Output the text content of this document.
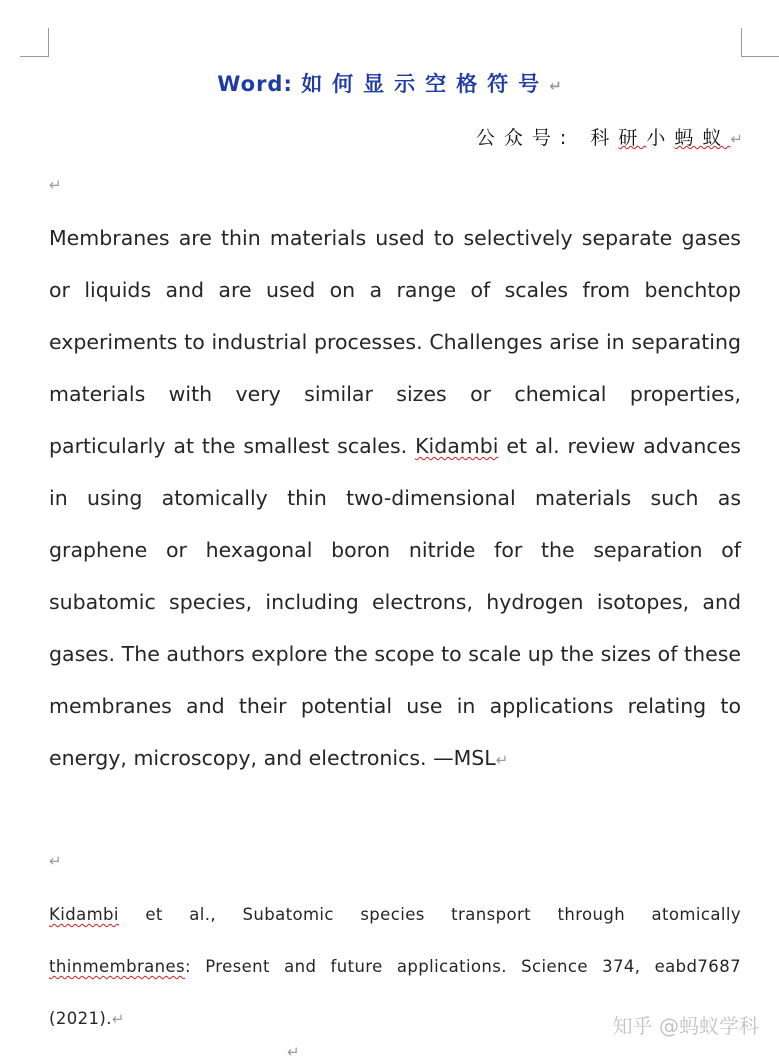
Word: 如何显示空格符号↵
公众号: 科研小蚂蚁↵
↵

Membranes are thin materials used to selectively separate gases or liquids and are used on a range of scales from benchtop experiments to industrial processes. Challenges arise in separating materials with very similar sizes or chemical properties, particularly at the smallest scales. Kidambi et al. review advances in using atomically thin two-dimensional materials such as graphene or hexagonal boron nitride for the separation of subatomic species, including electrons, hydrogen isotopes, and gases. The authors explore the scope to scale up the sizes of these membranes and their potential use in applications relating to energy, microscopy, and electronics. —MSL↵

↵

Kidambi et al., Subatomic species transport through atomically thinmembranes: Present and future applications. Science 374, eabd7687 (2021).↵	知乎 @蚂蚁学科
↵
